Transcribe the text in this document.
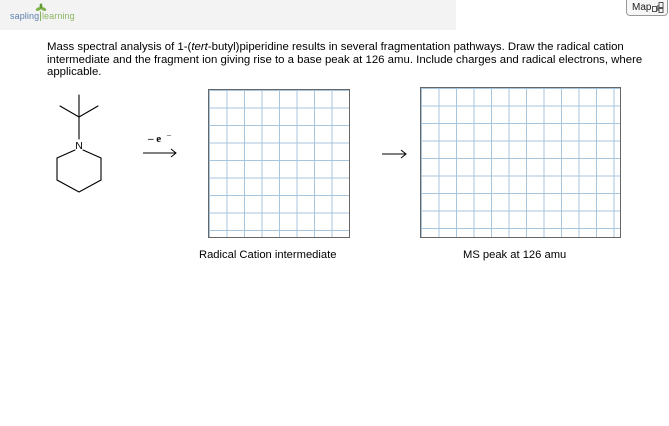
sapling|learning
Map
Mass spectral analysis of 1-(tert-butyl)piperidine results in several fragmentation pathways. Draw the radical cation intermediate and the fragment ion giving rise to a base peak at 126 amu. Include charges and radical electrons, where applicable.
N
– e –
Radical Cation intermediate	MS peak at 126 amu
